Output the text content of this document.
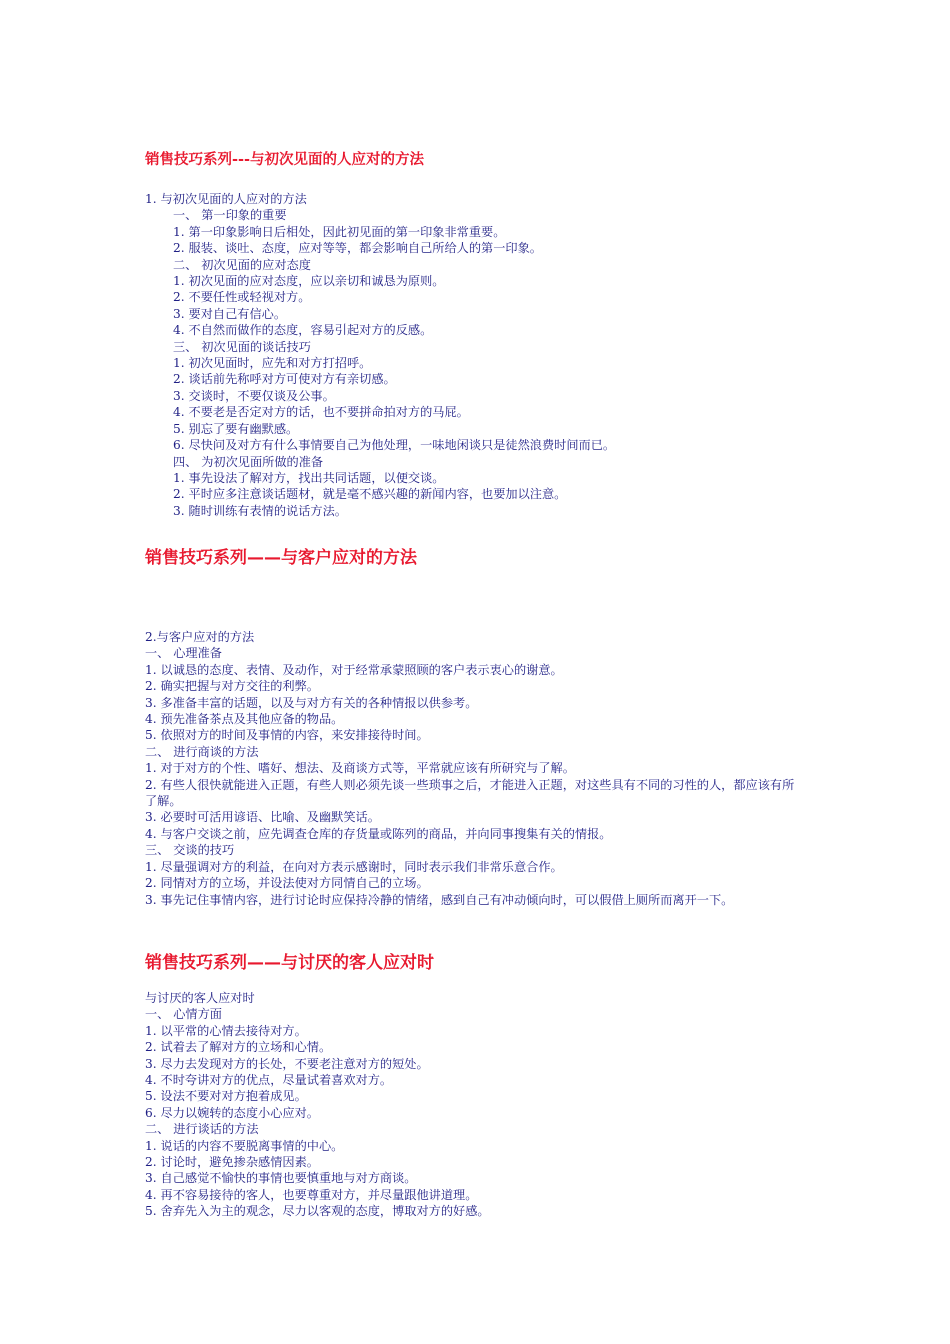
销售技巧系列---与初次见面的人应对的方法
1. 与初次见面的人应对的方法
一、 第一印象的重要
1. 第一印象影响日后相处，因此初见面的第一印象非常重要。
2. 服装、谈吐、态度，应对等等，都会影响自己所给人的第一印象。
二、 初次见面的应对态度
1. 初次见面的应对态度，应以亲切和诚恳为原则。
2. 不要任性或轻视对方。
3. 要对自己有信心。
4. 不自然而做作的态度，容易引起对方的反感。
三、 初次见面的谈话技巧
1. 初次见面时，应先和对方打招呼。
2. 谈话前先称呼对方可使对方有亲切感。
3. 交谈时，不要仅谈及公事。
4. 不要老是否定对方的话，也不要拼命拍对方的马屁。
5. 别忘了要有幽默感。
6. 尽快问及对方有什么事情要自己为他处理，一味地闲谈只是徒然浪费时间而已。
四、 为初次见面所做的准备
1. 事先设法了解对方，找出共同话题，以便交谈。
2. 平时应多注意谈话题材，就是毫不感兴趣的新闻内容，也要加以注意。
3. 随时训练有表情的说话方法。
销售技巧系列——与客户应对的方法
2.与客户应对的方法
一、 心理准备
1. 以诚恳的态度、表情、及动作，对于经常承蒙照顾的客户表示衷心的谢意。
2. 确实把握与对方交往的利弊。
3. 多准备丰富的话题，以及与对方有关的各种情报以供参考。
4. 预先准备茶点及其他应备的物品。
5. 依照对方的时间及事情的内容，来安排接待时间。
二、 进行商谈的方法
1. 对于对方的个性、嗜好、想法、及商谈方式等，平常就应该有所研究与了解。
2. 有些人很快就能进入正题，有些人则必须先谈一些琐事之后，才能进入正题，对这些具有不同的习性的人，都应该有所了解。
3. 必要时可活用谚语、比喻、及幽默笑话。
4. 与客户交谈之前，应先调查仓库的存货量或陈列的商品，并向同事搜集有关的情报。
三、 交谈的技巧
1. 尽量强调对方的利益，在向对方表示感谢时，同时表示我们非常乐意合作。
2. 同情对方的立场，并设法使对方同情自己的立场。
3. 事先记住事情内容，进行讨论时应保持冷静的情绪，感到自己有冲动倾向时，可以假借上厕所而离开一下。
销售技巧系列——与讨厌的客人应对时
与讨厌的客人应对时
一、 心情方面
1. 以平常的心情去接待对方。
2. 试着去了解对方的立场和心情。
3. 尽力去发现对方的长处，不要老注意对方的短处。
4. 不时夸讲对方的优点，尽量试着喜欢对方。
5. 设法不要对对方抱着成见。
6. 尽力以婉转的态度小心应对。
二、 进行谈话的方法
1. 说话的内容不要脱离事情的中心。
2. 讨论时，避免掺杂感情因素。
3. 自己感觉不愉快的事情也要慎重地与对方商谈。
4. 再不容易接待的客人，也要尊重对方，并尽量跟他讲道理。
5. 舍弃先入为主的观念，尽力以客观的态度，博取对方的好感。
